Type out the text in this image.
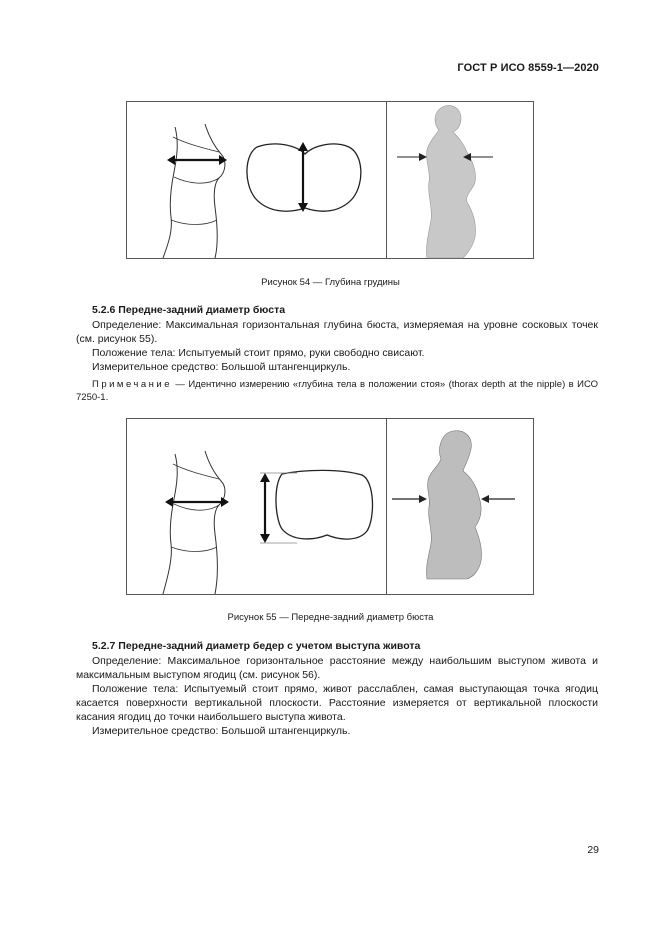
ГОСТ Р ИСО 8559-1—2020
Рисунок 54 — Глубина грудины
5.2.6 Передне-задний диаметр бюста
Определение: Максимальная горизонтальная глубина бюста, измеряемая на уровне сосковых точек (см. рисунок 55).
Положение тела: Испытуемый стоит прямо, руки свободно свисают.
Измерительное средство: Большой штангенциркуль.
Примечание — Идентично измерению «глубина тела в положении стоя» (thorax depth at the nipple) в ИСО 7250-1.
Рисунок 55 — Передне-задний диаметр бюста
5.2.7 Передне-задний диаметр бедер с учетом выступа живота
Определение: Максимальное горизонтальное расстояние между наибольшим выступом живота и максимальным выступом ягодиц (см. рисунок 56).
Положение тела: Испытуемый стоит прямо, живот расслаблен, самая выступающая точка ягодиц касается поверхности вертикальной плоскости. Расстояние измеряется от вертикальной плоскости касания ягодиц до точки наибольшего выступа живота.
Измерительное средство: Большой штангенциркуль.
29
